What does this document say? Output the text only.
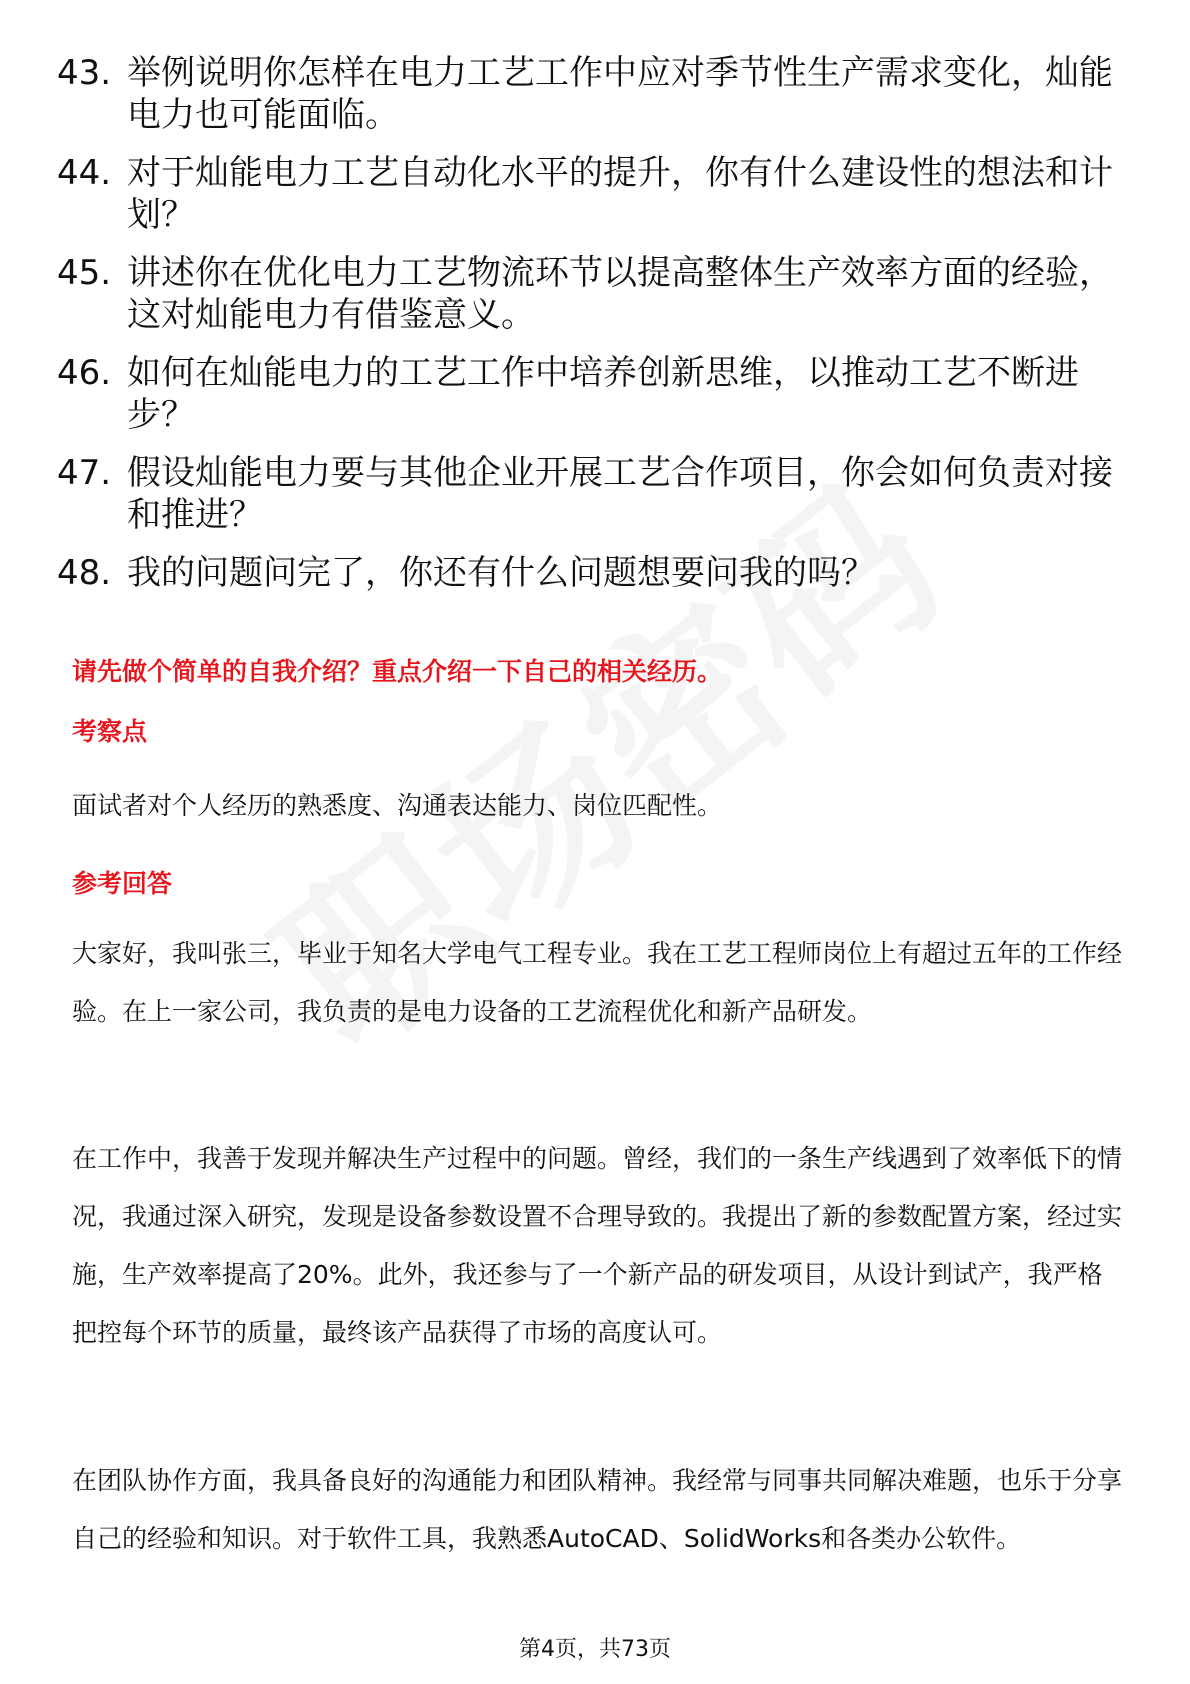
43. 举例说明你怎样在电力工艺工作中应对季节性生产需求变化，灿能电力也可能面临。
44. 对于灿能电力工艺自动化水平的提升，你有什么建设性的想法和计划？
45. 讲述你在优化电力工艺物流环节以提高整体生产效率方面的经验，这对灿能电力有借鉴意义。
46. 如何在灿能电力的工艺工作中培养创新思维，以推动工艺不断进步？
47. 假设灿能电力要与其他企业开展工艺合作项目，你会如何负责对接和推进？
48. 我的问题问完了，你还有什么问题想要问我的吗？
请先做个简单的自我介绍？重点介绍一下自己的相关经历。
考察点
面试者对个人经历的熟悉度、沟通表达能力、岗位匹配性。
参考回答
大家好，我叫张三，毕业于知名大学电气工程专业。我在工艺工程师岗位上有超过五年的工作经验。在上一家公司，我负责的是电力设备的工艺流程优化和新产品研发。
在工作中，我善于发现并解决生产过程中的问题。曾经，我们的一条生产线遇到了效率低下的情况，我通过深入研究，发现是设备参数设置不合理导致的。我提出了新的参数配置方案，经过实施，生产效率提高了20%。此外，我还参与了一个新产品的研发项目，从设计到试产，我严格把控每个环节的质量，最终该产品获得了市场的高度认可。
在团队协作方面，我具备良好的沟通能力和团队精神。我经常与同事共同解决难题，也乐于分享自己的经验和知识。对于软件工具，我熟悉AutoCAD、SolidWorks和各类办公软件。
第4页，共73页
